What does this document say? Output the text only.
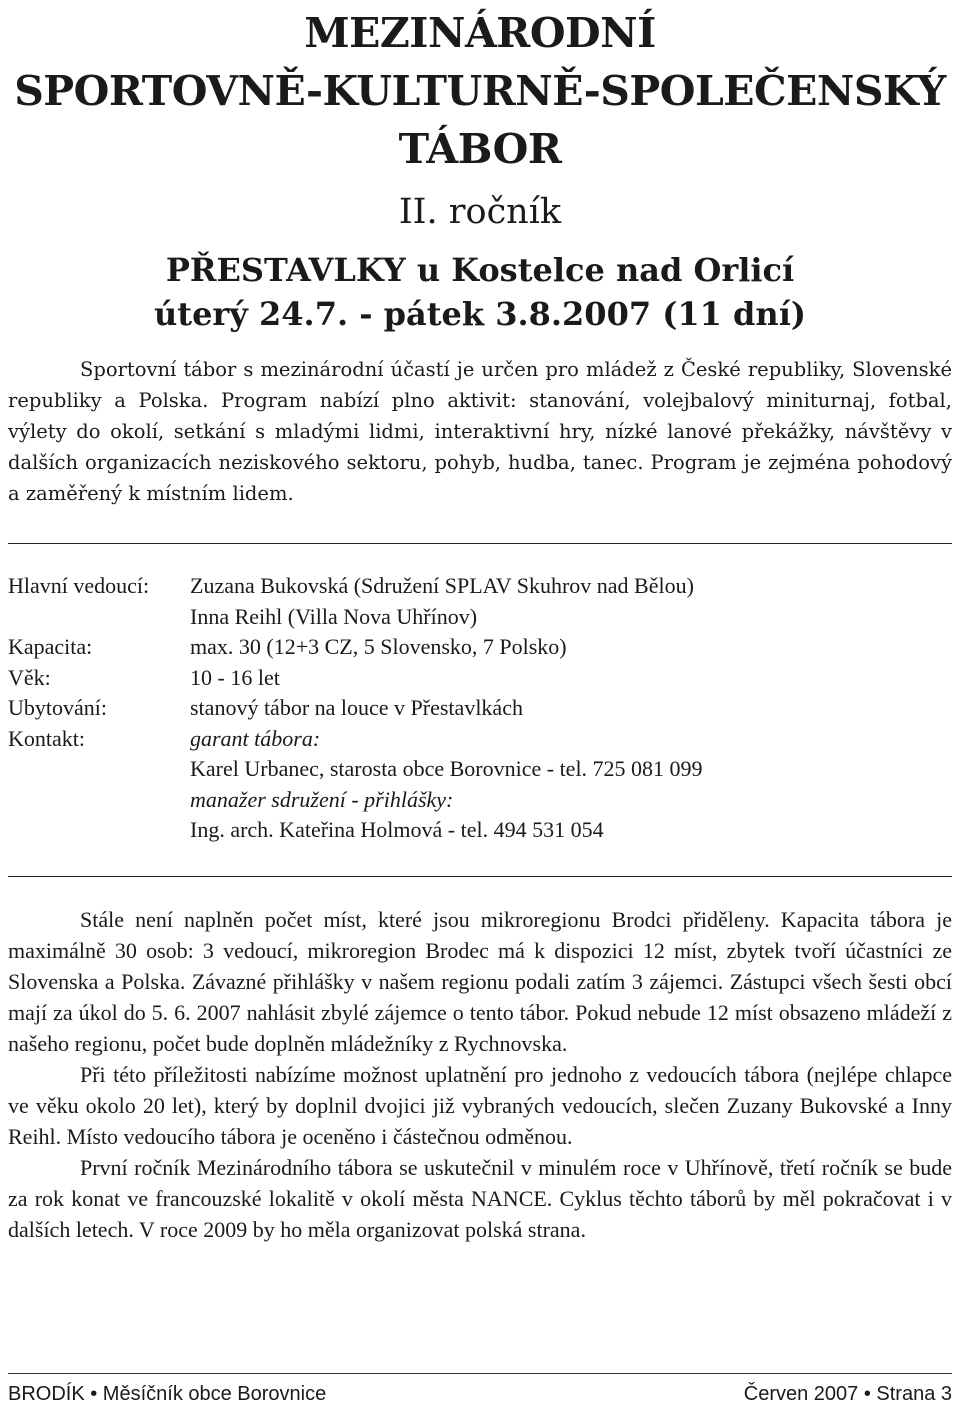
MEZINÁRODNÍ
SPORTOVNĚ-KULTURNĚ-SPOLEČENSKÝ
TÁBOR
II. ročník
PŘESTAVLKY u Kostelce nad Orlicí
úterý 24.7. - pátek 3.8.2007 (11 dní)
Sportovní tábor s mezinárodní účastí je určen pro mládež z České republiky, Slovenské republiky a Polska. Program nabízí plno aktivit: stanování, volejbalový miniturnaj, fotbal, výlety do okolí, setkání s mladými lidmi, interaktivní hry, nízké lanové překážky, návštěvy v dalších organizacích neziskového sektoru, pohyb, hudba, tanec. Program je zejména pohodový a zaměřený k místním lidem.
Hlavní vedoucí:	Zuzana Bukovská (Sdružení SPLAV Skuhrov nad Bělou)
Inna Reihl (Villa Nova Uhřínov)
Kapacita:	max. 30 (12+3 CZ, 5 Slovensko, 7 Polsko)
Věk:	10 - 16 let
Ubytování:	stanový tábor na louce v Přestavlkách
Kontakt:	garant tábora:
Karel Urbanec, starosta obce Borovnice - tel. 725 081 099
manažer sdružení - přihlášky:
Ing. arch. Kateřina Holmová - tel. 494 531 054

Stále není naplněn počet míst, které jsou mikroregionu Brodci přiděleny. Kapacita tábora je maximálně 30 osob: 3 vedoucí, mikroregion Brodec má k dispozici 12 míst, zbytek tvoří účastníci ze Slovenska a Polska. Závazné přihlášky v našem regionu podali zatím 3 zájemci. Zástupci všech šesti obcí mají za úkol do 5. 6. 2007 nahlásit zbylé zájemce o tento tábor. Pokud nebude 12 míst obsazeno mládeží z našeho regionu, počet bude doplněn mládežníky z Rychnovska.

Při této příležitosti nabízíme možnost uplatnění pro jednoho z vedoucích tábora (nejlépe chlapce ve věku okolo 20 let), který by doplnil dvojici již vybraných vedoucích, slečen Zuzany Bukovské a Inny Reihl. Místo vedoucího tábora je oceněno i částečnou odměnou.

První ročník Mezinárodního tábora se uskutečnil v minulém roce v Uhřínově, třetí ročník se bude za rok konat ve francouzské lokalitě v okolí města NANCE. Cyklus těchto táborů by měl pokračovat i v dalších letech. V roce 2009 by ho měla organizovat polská strana.

BRODÍK • Měsíčník obce Borovnice	Červen 2007 • Strana 3
